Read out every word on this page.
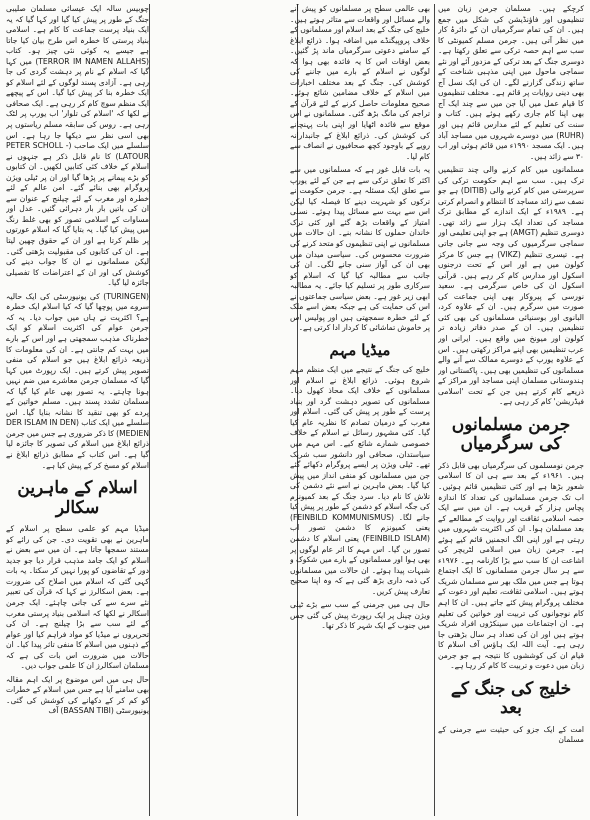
کرچکے ہیں۔ مسلمان جرمن زبان میں تنظیموں اور فاؤنڈیشن کی شکل میں جمع ہیں۔ ان کی تمام سرگرمیاں ان کے دائرۂ کار میں نظر آتی ہیں۔ جرمن مسلم کمیونٹی کا سب سے اہم حصہ ترکی سے تعلق رکھتا ہے۔ دوسری جنگ کے بعد ترکی کے مزدور آئے اور نئے سماجی ماحول میں اپنی مذہبی شناخت کے ساتھ زندگی گزارنے لگے۔ ان کی ایک نسل آج بھی دینی روایات پر قائم ہے۔ مختلف تنظیموں کا قیام عمل میں آیا جن میں سے چند ایک آج بھی اپنا کام جاری رکھے ہوئے ہیں۔ کتاب و سنت کی تعلیم کے لئے مدارس قائم ہیں اور (RUHR) میں دوسرے شہروں میں مساجد آباد ہیں۔ ایک مسجد ۱۹۹۰ء میں قائم ہوئی اور اب ۳۰ سے زائد ہیں۔

مسلمانوں میں کام کرنے والی چند تنظیمیں ترک ہیں۔ سب سے اہم حکومت ترکی کی سرپرستی میں کام کرنے والی (DITIB) ہے جو نصف سے زائد مساجد کا انتظام و انصرام کرتی ہے۔ ۱۹۸۹ء کے ایک اندازے کے مطابق ترک مساجد کی تعداد ایک ہزار سے زائد تھی۔ دوسری تنظیم (AMGT) ہے جو اپنی تعلیمی اور سماجی سرگرمیوں کی وجہ سے جانی جاتی ہے۔ تیسری تنظیم (VIKZ) ہے جس کا مرکز کولون میں ہے اور اس کے تحت درجنوں اسکول اور مدارس کام کر رہے ہیں۔ قرآنی اسکول ان کی خاص سرگرمی ہے۔ سعید نورسی کے پیروکار بھی اپنی جماعت کی صورت میں سرگرم ہیں۔ ان کے علاوہ کرد، البانوی اور بوسنیائی مسلمانوں کی بھی کئی تنظیمیں ہیں۔ ان کے صدر دفاتر زیادہ تر کولون اور میونخ میں واقع ہیں۔ ایرانی اور عرب تنظیمیں بھی اپنے مراکز رکھتی ہیں۔ اس کے علاوہ یورپ کے دوسرے ممالک سے آنے والے مسلمانوں کی تنظیمیں بھی ہیں۔ پاکستانی اور ہندوستانی مسلمان اپنی مساجد اور مراکز کے ذریعے کام کرتے ہیں جن کے تحت 'اسلامی فیڈریشن' کام کر رہی ہے۔

جرمن مسلمانوں کی سرگرمیاں

جرمن نومسلموں کی سرگرمیاں بھی قابل ذکر ہیں۔ ۱۹۶۱ء کے بعد سے ہی ان کا اسلامی شعور بڑھا ہے اور کئی تنظیمیں قائم ہوئیں۔ اب تک جرمن مسلمانوں کی تعداد کا اندازہ پچاس ہزار کے قریب ہے۔ ان میں سے ایک حصہ اسلامی ثقافت اور روایت کے مطالعے کے بعد مسلمان ہوا۔ ان کی اکثریت شہروں میں رہتی ہے اور اپنی الگ انجمنیں قائم کیے ہوئے ہے۔ جرمن زبان میں اسلامی لٹریچر کی اشاعت ان کا سب سے بڑا کارنامہ ہے۔ ۱۹۷۶ء سے ہر سال جرمن مسلمانوں کا ایک اجتماع ہوتا ہے جس میں ملک بھر سے مسلمان شریک ہوتے ہیں۔ اسلامی ثقافت، تعلیم اور دعوت کے مختلف پروگرام پیش کئے جاتے ہیں۔ ان کا اہم کام نوجوانوں کی تربیت اور خواتین کی تعلیم ہے۔ ان اجتماعات میں سینکڑوں افراد شریک ہوتے ہیں اور ان کی تعداد ہر سال بڑھتی جا رہی ہے۔ آیت اللہ ایک ہاؤس آف اسلام کا قیام ان کی کوششوں کا نتیجہ ہے جو جرمن زبان میں دعوت و تربیت کا کام کر رہا ہے۔

خلیج کی جنگ کے بعد

امت کے ایک جزو کی حیثیت سے جرمنی کے مسلمان

بھی عالمی سطح پر مسلمانوں کو پیش آنے والے مسائل اور واقعات سے متاثر ہوتے ہیں۔ خلیج کی جنگ کے بعد اسلام اور مسلمانوں کے خلاف پروپیگنڈے میں اضافہ ہوا۔ ذرائع ابلاغ کے سامنے دعوتی سرگرمیاں ماند پڑ گئیں۔ بعض اوقات اس کا یہ فائدہ بھی ہوا کہ لوگوں نے اسلام کے بارے میں جاننے کی کوشش کی۔ جنگ کے بعد مختلف اخبارات میں اسلام کے خلاف مضامین شائع ہوئے۔ صحیح معلومات حاصل کرنے کے لئے قرآن کے تراجم کی مانگ بڑھ گئی۔ مسلمانوں نے اس موقع سے فائدہ اٹھایا اور اپنی بات پہنچانے کی کوشش کی۔ ذرائع ابلاغ کے جانبدارانہ رویے کے باوجود کچھ صحافیوں نے انصاف سے کام لیا۔

یہ بات قابل غور ہے کہ مسلمانوں میں سے اکثر کا تعلق ترکی سے ہے جن کے لئے یورپ سے تعلق ایک مسئلہ ہے۔ جرمن حکومت نے ترکوں کو شہریت دینے کا فیصلہ کیا لیکن اس سے بہت سے مسائل پیدا ہوئے۔ نسلی امتیاز کے واقعات بڑھ گئے اور کئی ترک خاندان حملوں کا نشانہ بنے۔ ان حالات میں مسلمانوں نے اپنی تنظیموں کو متحد کرنے کی ضرورت محسوس کی۔ سیاسی میدان میں بھی ان کی آواز سنی جانے لگی۔ ان کی جانب سے مطالبہ کیا گیا کہ اسلام کو سرکاری طور پر تسلیم کیا جائے۔ یہ مطالبہ ابھی زیر غور ہے۔ بعض سیاسی جماعتوں نے اس کی حمایت کی ہے جبکہ بعض اسے ملک کے لئے خطرہ سمجھتی ہیں اور پولیس اس پر خاموش تماشائی کا کردار ادا کرتی ہے۔

میڈیا مہم

خلیج کی جنگ کے نتیجے میں ایک منظم مہم شروع ہوئی۔ ذرائع ابلاغ نے اسلام اور مسلمانوں کے خلاف ایک محاذ کھول دیا۔ مسلمانوں کی تصویر دہشت گرد اور بنیاد پرست کے طور پر پیش کی گئی۔ اسلام اور مغرب کے درمیان تصادم کا نظریہ عام کیا گیا۔ کئی مشہور رسائل نے اسلام کے خلاف خصوصی شمارے شائع کیے۔ اس مہم میں سیاستدان، صحافی اور دانشور سب شریک تھے۔ ٹیلی ویژن پر ایسے پروگرام دکھائے گئے جن میں مسلمانوں کو منفی انداز میں پیش کیا گیا۔ بعض ماہرین نے اسے نئے دشمن کی تلاش کا نام دیا۔ سرد جنگ کے بعد کمیونزم کی جگہ اسلام کو دشمن کے طور پر پیش کیا جانے لگا۔ (FEINBILD KOMMUNISMUS) یعنی کمیونزم کا دشمن تصور اب (FEINBILD ISLAM) یعنی اسلام کا دشمن تصور بن گیا۔ اس مہم کا اثر عام لوگوں پر بھی ہوا اور مسلمانوں کے بارے میں شکوک و شبہات پیدا ہوئے۔ ان حالات میں مسلمانوں کی ذمہ داری بڑھ گئی ہے کہ وہ اپنا صحیح تعارف پیش کریں۔

حال ہی میں جرمنی کے سب سے بڑے ٹیلی ویژن چینل پر ایک رپورٹ پیش کی گئی جس میں جنوب کے ایک شہر کا ذکر تھا۔

چوبیس سالہ ایک عیسائی مسلمان صلیبی جنگ کے طور پر پیش کیا گیا اور کہا گیا کہ یہ ایک بنیاد پرست جماعت کا کام ہے۔ اسلامی بنیاد پرستی کا خطرہ اس طرح بیان کیا جاتا ہے جیسے یہ کوئی نئی چیز ہو۔ کتاب (TERROR IM NAMEN ALLAHS) میں کہا گیا کہ اسلام کے نام پر دہشت گردی کی جا رہی ہے۔ آزادی پسند لوگوں کے لئے اسلام کو ایک خطرہ بنا کر پیش کیا گیا۔ اس کے پیچھے ایک منظم سوچ کام کر رہی ہے۔ ایک صحافی نے لکھا کہ 'اسلام کی تلوار' اب یورپ پر لٹک رہی ہے۔ روس کی سابقہ مسلم ریاستوں پر بھی اسی نظر سے دیکھا جا رہا ہے۔ اس سلسلے میں ایک صاحب (PETER SCHOLL - LATOUR) کا نام قابل ذکر ہے جنہوں نے اسلام کے خلاف کئی کتابیں لکھیں۔ ان کتابوں کو بڑے پیمانے پر پڑھا گیا اور ان پر ٹیلی ویژن پروگرام بھی بنائے گئے۔ امن عالم کے لئے خطرہ اور مغرب کے لئے چیلنج کے عنوان سے ان کی باتیں بار بار دہرائی گئیں۔ عدل اور مساوات کے اسلامی تصور کو بھی غلط رنگ میں پیش کیا گیا۔ یہ بتایا گیا کہ اسلام عورتوں پر ظلم کرتا ہے اور ان کے حقوق چھین لیتا ہے۔ ان کی کتابوں کی مقبولیت بڑھتی گئی۔ لیکن مسلمانوں نے ان کا جواب دینے کی کوشش کی اور ان کے اعتراضات کا تفصیلی جائزہ لیا گیا۔

(TURINGEN) کی یونیورسٹی کی ایک حالیہ سروے میں پوچھا گیا کہ کیا اسلام ایک خطرہ ہے؟ اکثریت نے ہاں میں جواب دیا۔ یہ کہ جرمن عوام کی اکثریت اسلام کو ایک خطرناک مذہب سمجھتی ہے اور اس کے بارے میں بہت کم جانتی ہے۔ ان کی معلومات کا ذریعہ ذرائع ابلاغ ہیں جو اسلام کی منفی تصویر پیش کرتے ہیں۔ ایک رپورٹ میں کہا گیا کہ مسلمان جرمن معاشرے میں ضم نہیں ہونا چاہتے۔ یہ تصور بھی عام کیا گیا کہ مسلمان تشدد پسند ہیں۔ مسلم خواتین کے پردے کو بھی تنقید کا نشانہ بنایا گیا۔ اس سلسلے میں ایک کتاب (DER ISLAM IN DEN MEDIEN) کا ذکر ضروری ہے جس میں جرمن ذرائع ابلاغ میں اسلام کی تصویر کا جائزہ لیا گیا ہے۔ اس کتاب کے مطابق ذرائع ابلاغ نے اسلام کو مسخ کر کے پیش کیا ہے۔

اسلام کے ماہرین سکالر

میڈیا مہم کو علمی سطح پر اسلام کے ماہرین نے بھی تقویت دی۔ جن کی رائے کو مستند سمجھا جاتا ہے۔ ان میں سے بعض نے اسلام کو ایک جامد مذہب قرار دیا جو جدید دور کے تقاضوں کو پورا نہیں کر سکتا۔ یہ بات کہی گئی کہ اسلام میں اصلاح کی ضرورت ہے۔ بعض اسکالرز نے کہا کہ قرآن کی تعبیر نئے سرے سے کی جانی چاہئے۔ ایک جرمن اسکالر نے لکھا کہ اسلامی بنیاد پرستی مغرب کے لئے سب سے بڑا چیلنج ہے۔ ان کی تحریروں نے میڈیا کو مواد فراہم کیا اور عوام کے ذہنوں میں اسلام کا منفی تاثر پیدا کیا۔ ان حالات میں ضرورت اس بات کی ہے کہ مسلمان اسکالرز ان کا علمی جواب دیں۔

حال ہی میں اس موضوع پر ایک اہم مقالہ بھی سامنے آیا ہے جس میں اسلام کے خطرات کو کم کر کے دکھانے کی کوشش کی گئی۔ یونیورسٹی (BASSAN TIBI) آف
